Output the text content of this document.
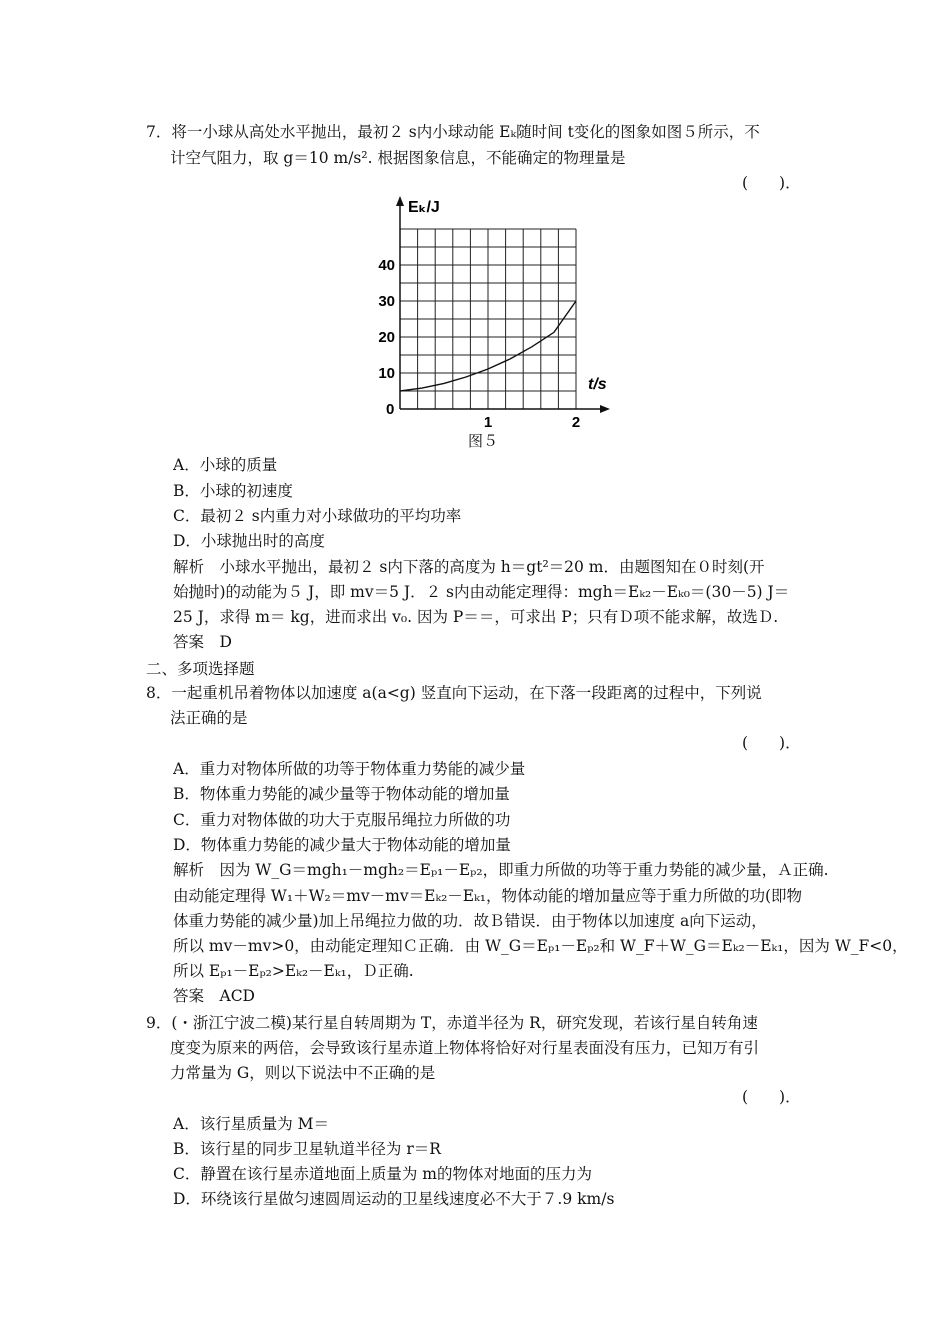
7．将一小球从高处水平抛出，最初２ s内小球动能 Eₖ随时间 t变化的图象如图５所示，不
计空气阻力，取 g＝10 m/s². 根据图象信息，不能确定的物理量是
(　　)．
Eₖ/J
t/s
0
10
20
30
40
1	2
图５
A．小球的质量
B．小球的初速度
C．最初２ s内重力对小球做功的平均功率
D．小球抛出时的高度
解析　小球水平抛出，最初２ s内下落的高度为 h＝gt²＝20 m．由题图知在０时刻(开
始抛时)的动能为５ J，即 mv＝5 J．２ s内由动能定理得：mgh＝Eₖ₂－Eₖ₀＝(30－5) J＝
25 J，求得 m＝ kg，进而求出 v₀. 因为 P＝＝，可求出 P；只有Ｄ项不能求解，故选Ｄ.
答案　D
二、多项选择题
8．一起重机吊着物体以加速度 a(a<g) 竖直向下运动，在下落一段距离的过程中，下列说
法正确的是
(　　)．
A．重力对物体所做的功等于物体重力势能的减少量
B．物体重力势能的减少量等于物体动能的增加量
C．重力对物体做的功大于克服吊绳拉力所做的功
D．物体重力势能的减少量大于物体动能的增加量
解析　因为 W_G＝mgh₁－mgh₂＝Eₚ₁－Eₚ₂，即重力所做的功等于重力势能的减少量，Ａ正确.
由动能定理得 W₁＋W₂＝mv－mv＝Eₖ₂－Eₖ₁，物体动能的增加量应等于重力所做的功(即物
体重力势能的减少量)加上吊绳拉力做的功．故Ｂ错误．由于物体以加速度 a向下运动，
所以 mv－mv>0，由动能定理知Ｃ正确．由 W_G＝Eₚ₁－Eₚ₂和 W_F＋W_G＝Eₖ₂－Eₖ₁，因为 W_F<0，
所以 Eₚ₁－Eₚ₂>Eₖ₂－Eₖ₁，Ｄ正确.
答案　ACD
9．(・浙江宁波二模)某行星自转周期为 T，赤道半径为 R，研究发现，若该行星自转角速
度变为原来的两倍，会导致该行星赤道上物体将恰好对行星表面没有压力，已知万有引
力常量为 G，则以下说法中不正确的是
(　　)．
A．该行星质量为 M＝
B．该行星的同步卫星轨道半径为 r＝R
C．静置在该行星赤道地面上质量为 m的物体对地面的压力为
D．环绕该行星做匀速圆周运动的卫星线速度必不大于７.9 km/s
